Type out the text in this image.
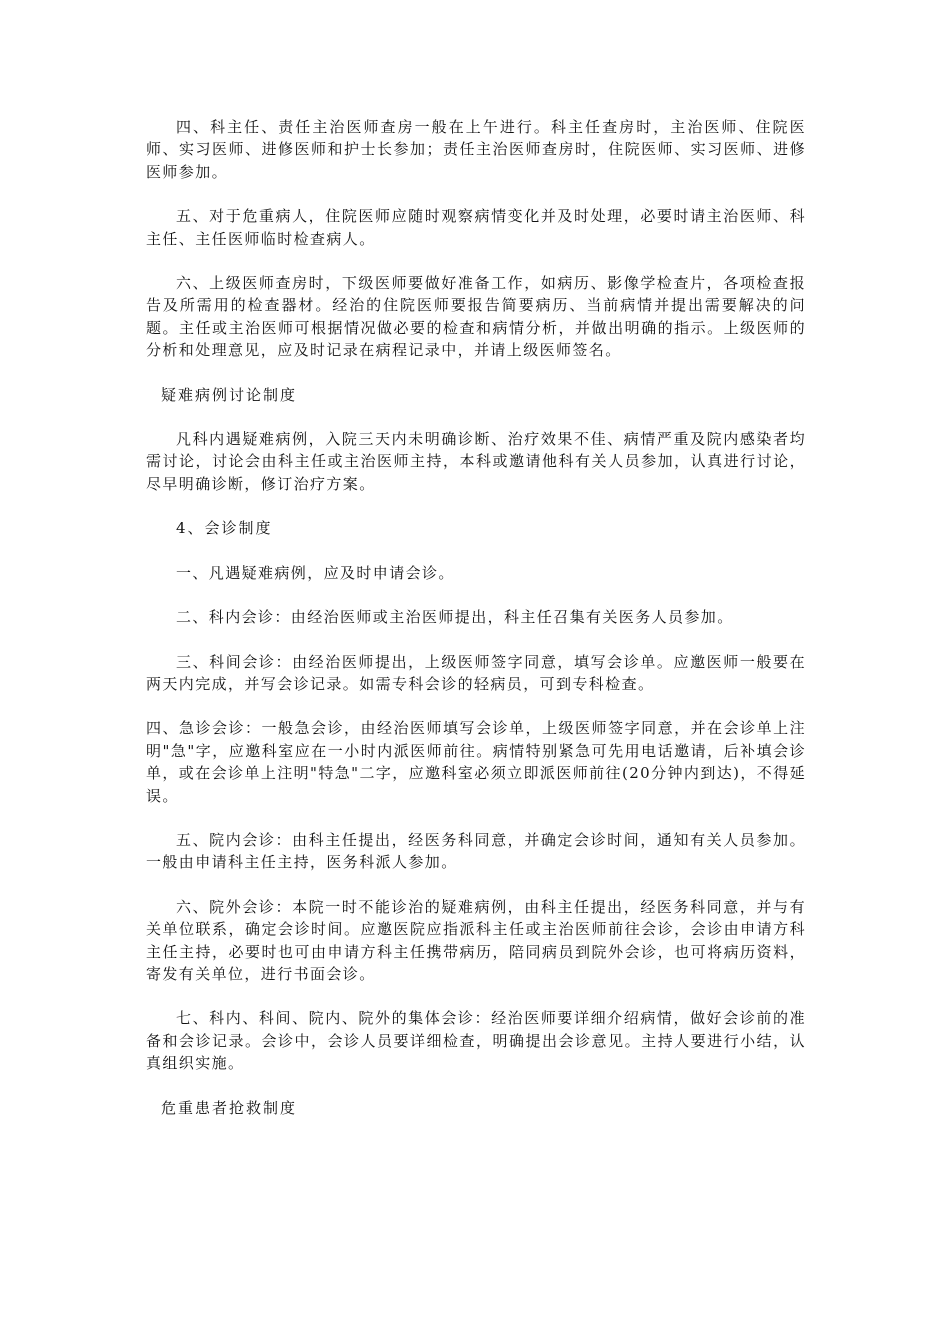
四、科主任、责任主治医师查房一般在上午进行。科主任查房时，主治医师、住院医师、实习医师、进修医师和护士长参加；责任主治医师查房时，住院医师、实习医师、进修医师参加。

五、对于危重病人，住院医师应随时观察病情变化并及时处理，必要时请主治医师、科主任、主任医师临时检查病人。

六、上级医师查房时，下级医师要做好准备工作，如病历、影像学检查片，各项检查报告及所需用的检查器材。经治的住院医师要报告简要病历、当前病情并提出需要解决的问题。主任或主治医师可根据情况做必要的检查和病情分析，并做出明确的指示。上级医师的分析和处理意见，应及时记录在病程记录中，并请上级医师签名。

疑难病例讨论制度

凡科内遇疑难病例，入院三天内未明确诊断、治疗效果不佳、病情严重及院内感染者均需讨论，讨论会由科主任或主治医师主持，本科或邀请他科有关人员参加，认真进行讨论，尽早明确诊断，修订治疗方案。

4、会诊制度

一、凡遇疑难病例，应及时申请会诊。

二、科内会诊：由经治医师或主治医师提出，科主任召集有关医务人员参加。

三、科间会诊：由经治医师提出，上级医师签字同意，填写会诊单。应邀医师一般要在两天内完成，并写会诊记录。如需专科会诊的轻病员，可到专科检查。

四、急诊会诊：一般急会诊，由经治医师填写会诊单，上级医师签字同意，并在会诊单上注明"急"字，应邀科室应在一小时内派医师前往。病情特别紧急可先用电话邀请，后补填会诊单，或在会诊单上注明"特急"二字，应邀科室必须立即派医师前往(20分钟内到达)，不得延误。

五、院内会诊：由科主任提出，经医务科同意，并确定会诊时间，通知有关人员参加。一般由申请科主任主持，医务科派人参加。

六、院外会诊：本院一时不能诊治的疑难病例，由科主任提出，经医务科同意，并与有关单位联系，确定会诊时间。应邀医院应指派科主任或主治医师前往会诊，会诊由申请方科主任主持，必要时也可由申请方科主任携带病历，陪同病员到院外会诊，也可将病历资料，寄发有关单位，进行书面会诊。

七、科内、科间、院内、院外的集体会诊：经治医师要详细介绍病情，做好会诊前的准备和会诊记录。会诊中，会诊人员要详细检查，明确提出会诊意见。主持人要进行小结，认真组织实施。

危重患者抢救制度
